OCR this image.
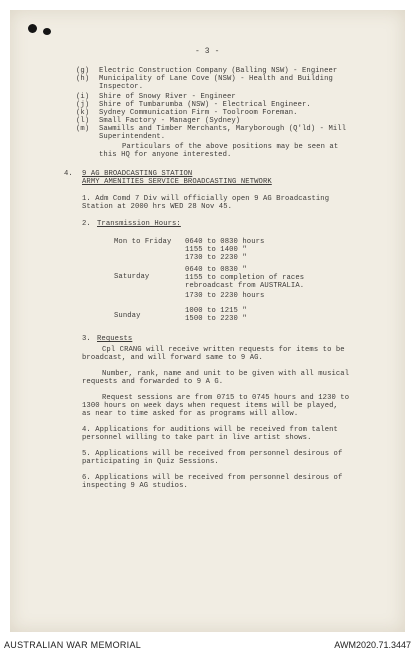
- 3 -
(g) Electric Construction Company (Balling NSW) - Engineer
(h) Municipality of Lane Cove (NSW) - Health and Building
Inspector.
(i) Shire of Snowy River - Engineer
(j) Shire of Tumbarumba (NSW) - Electrical Engineer.
(k) Sydney Communication Firm - Toolroom Foreman.
(l) Small Factory - Manager (Sydney)
(m) Sawmills and Timber Merchants, Maryborough (Q'ld) - Mill
Superintendent.
Particulars of the above positions may be seen at
this HQ for anyone interested.
4. 9 AG BROADCASTING STATION
ARMY AMENITIES SERVICE BROADCASTING NETWORK
1. Adm Comd 7 Div will officially open 9 AG Broadcasting
Station at 2000 hrs WED 28 Nov 45.
2. Transmission Hours:
Mon to Friday 0640 to 0830 hours
1155 to 1400 "
1730 to 2230 "
Saturday
0640 to 0830 "
1155 to completion of races
rebroadcast from AUSTRALIA.
1730 to 2230 hours
Sunday
1000 to 1215 "
1500 to 2230 "
3. Requests
Cpl CRANG will receive written requests for items to be
broadcast, and will forward same to 9 AG.
Number, rank, name and unit to be given with all musical
requests and forwarded to 9 A G.
Request sessions are from 0715 to 0745 hours and 1230 to
1300 hours on week days when request items will be played,
as near to time asked for as programs will allow.
4. Applications for auditions will be received from talent
personnel willing to take part in live artist shows.
5. Applications will be received from personnel desirous of
participating in Quiz Sessions.
6. Applications will be received from personnel desirous of
inspecting 9 AG studios.
AUSTRALIAN WAR MEMORIAL	AWM2020.71.3447
